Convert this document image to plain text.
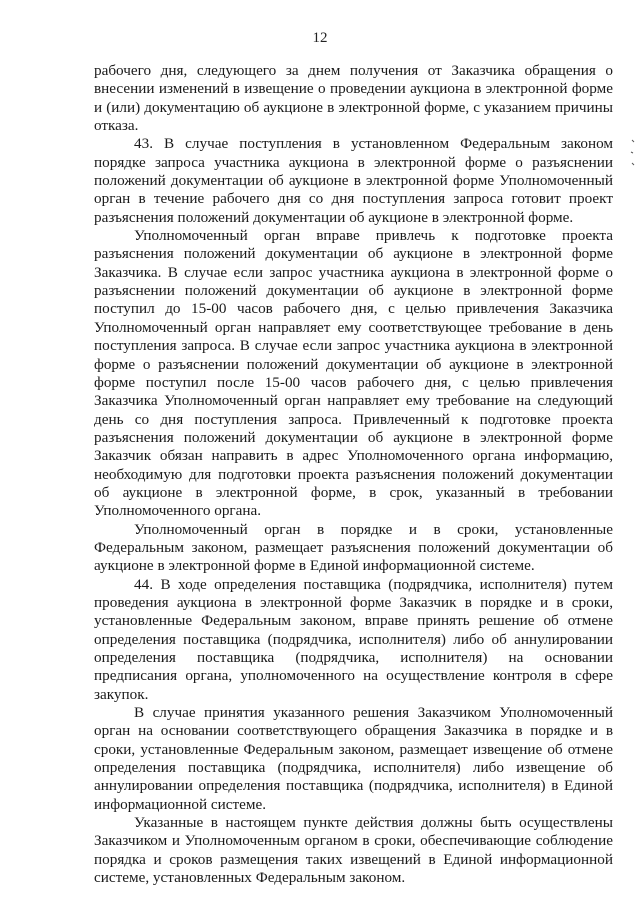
12

рабочего дня, следующего за днем получения от Заказчика обращения о внесении изменений в извещение о проведении аукциона в электронной форме и (или) документацию об аукционе в электронной форме, с указанием причины отказа.

43. В случае поступления в установленном Федеральным законом порядке запроса участника аукциона в электронной форме о разъяснении положений документации об аукционе в электронной форме Уполномоченный орган в течение рабочего дня со дня поступления запроса готовит проект разъяснения положений документации об аукционе в электронной форме.

Уполномоченный орган вправе привлечь к подготовке проекта разъяснения положений документации об аукционе в электронной форме Заказчика. В случае если запрос участника аукциона в электронной форме о разъяснении положений документации об аукционе в электронной форме поступил до 15-00 часов рабочего дня, с целью привлечения Заказчика Уполномоченный орган направляет ему соответствующее требование в день поступления запроса. В случае если запрос участника аукциона в электронной форме о разъяснении положений документации об аукционе в электронной форме поступил после 15-00 часов рабочего дня, с целью привлечения Заказчика Уполномоченный орган направляет ему требование на следующий день со дня поступления запроса. Привлеченный к подготовке проекта разъяснения положений документации об аукционе в электронной форме Заказчик обязан направить в адрес Уполномоченного органа информацию, необходимую для подготовки проекта разъяснения положений документации об аукционе в электронной форме, в срок, указанный в требовании Уполномоченного органа.

Уполномоченный орган в порядке и в сроки, установленные Федеральным законом, размещает разъяснения положений документации об аукционе в электронной форме в Единой информационной системе.

44. В ходе определения поставщика (подрядчика, исполнителя) путем проведения аукциона в электронной форме Заказчик в порядке и в сроки, установленные Федеральным законом, вправе принять решение об отмене определения поставщика (подрядчика, исполнителя) либо об аннулировании определения поставщика (подрядчика, исполнителя) на основании предписания органа, уполномоченного на осуществление контроля в сфере закупок.

В случае принятия указанного решения Заказчиком Уполномоченный орган на основании соответствующего обращения Заказчика в порядке и в сроки, установленные Федеральным законом, размещает извещение об отмене определения поставщика (подрядчика, исполнителя) либо извещение об аннулировании определения поставщика (подрядчика, исполнителя) в Единой информационной системе.

Указанные в настоящем пункте действия должны быть осуществлены Заказчиком и Уполномоченным органом в сроки, обеспечивающие соблюдение порядка и сроков размещения таких извещений в Единой информационной системе, установленных Федеральным законом.
